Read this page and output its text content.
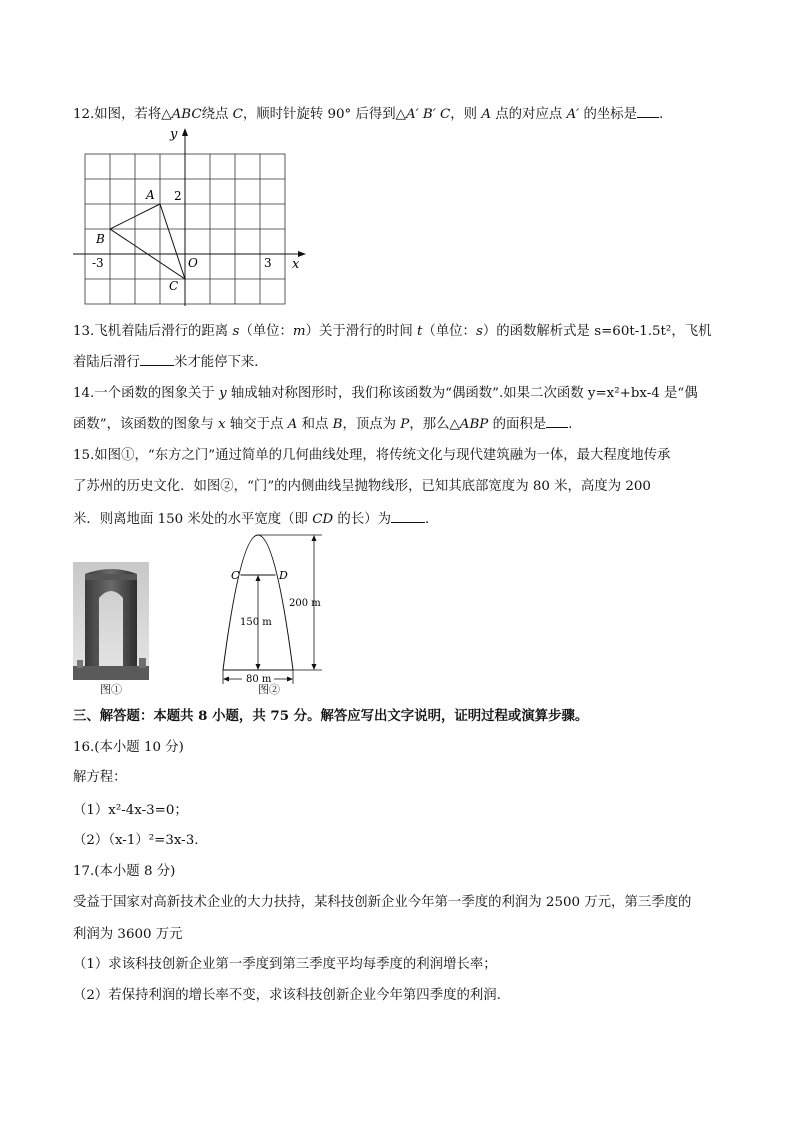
12.如图，若将△ABC绕点 C，顺时针旋转 90° 后得到△A′ B′ C，则 A 点的对应点 A′ 的坐标是 .
y
x
O
A
B
C
2
-3	3
13.飞机着陆后滑行的距离 s（单位：m）关于滑行的时间 t（单位：s）的函数解析式是 s=60t-1.5t²，飞机
着陆后滑行	米才能停下来．
14.一个函数的图象关于 y 轴成轴对称图形时，我们称该函数为“偶函数”.如果二次函数 y=x²+bx-4 是“偶
函数”，该函数的图象与 x 轴交于点 A 和点 B，顶点为 P，那么△ABP 的面积是 .
15.如图①，“东方之门”通过简单的几何曲线处理，将传统文化与现代建筑融为一体，最大程度地传承
了苏州的历史文化．如图②，“门”的内侧曲线呈抛物线形，已知其底部宽度为 80 米，高度为 200
米．则离地面 150 米处的水平宽度（即 CD 的长）为	．
图①
C	D
150 m
200 m
80 m
图②
三、解答题：本题共 8 小题，共 75 分。解答应写出文字说明，证明过程或演算步骤。
16.(本小题 10 分)
解方程：
（1）x²-4x-3=0；
（2）（x-1）²=3x-3.
17.(本小题 8 分)
受益于国家对高新技术企业的大力扶持，某科技创新企业今年第一季度的利润为 2500 万元，第三季度的
利润为 3600 万元
（1）求该科技创新企业第一季度到第三季度平均每季度的利润增长率；
（2）若保持利润的增长率不变，求该科技创新企业今年第四季度的利润.
